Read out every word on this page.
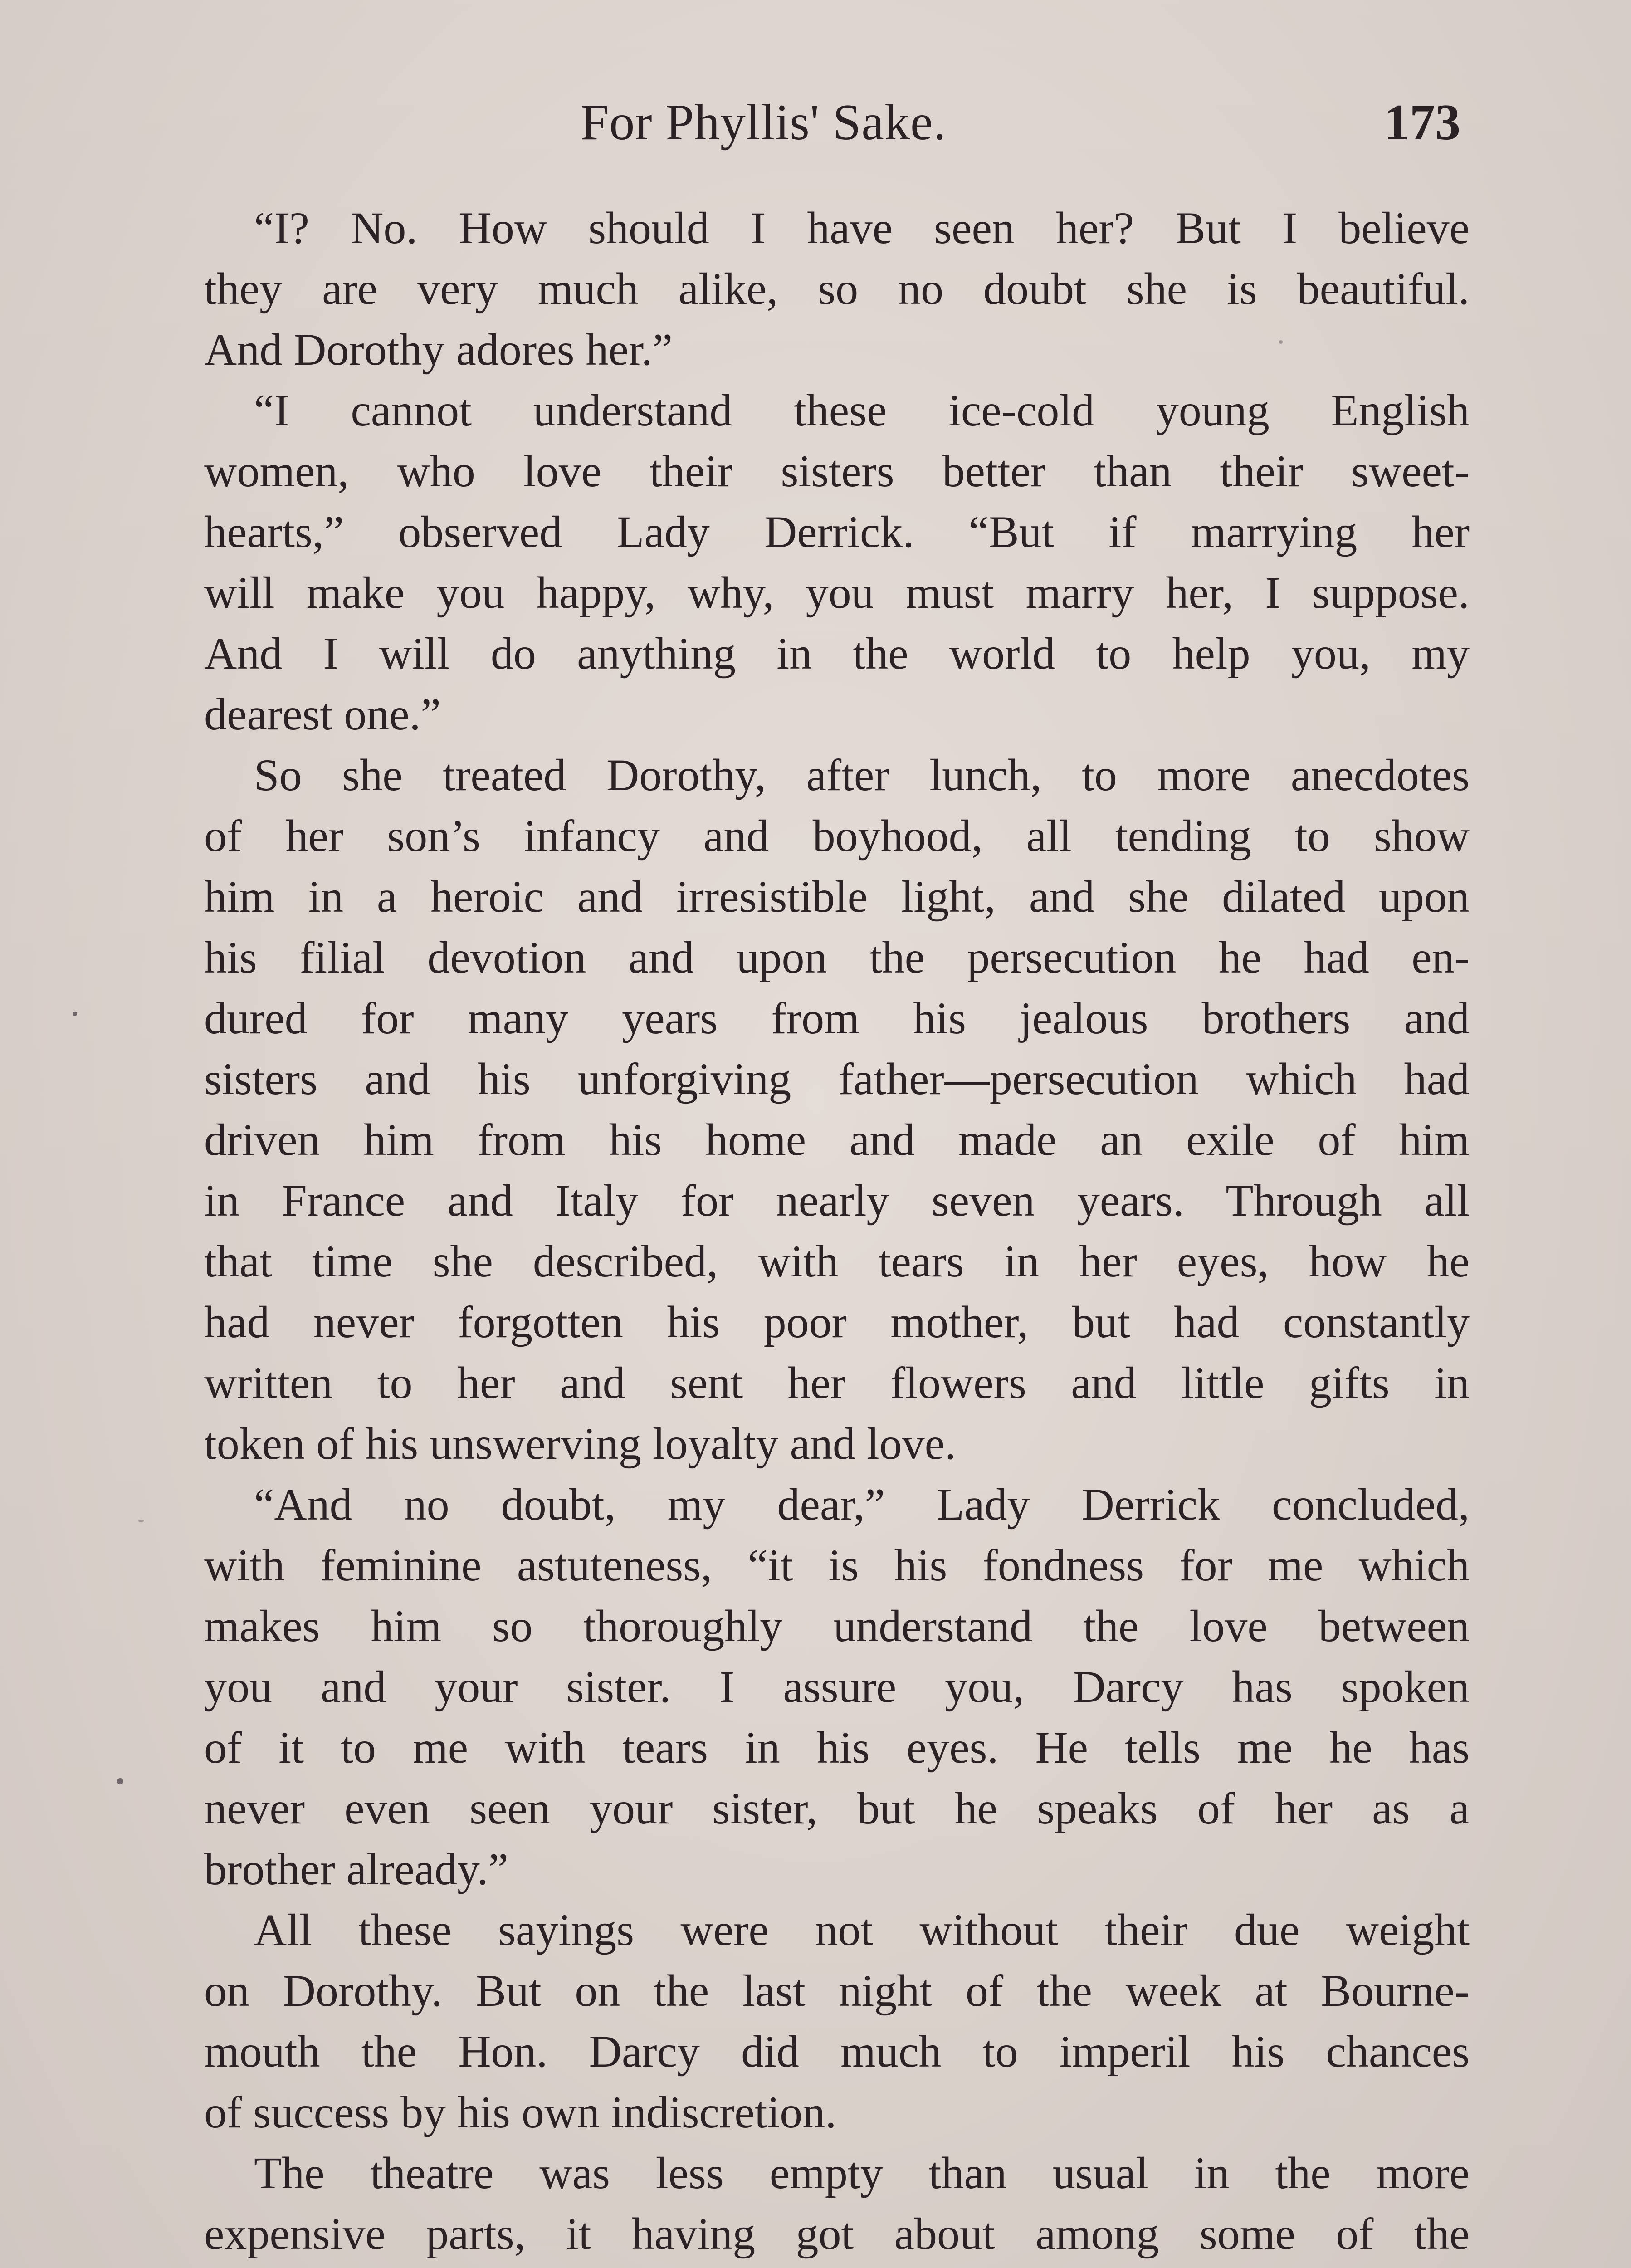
For Phyllis' Sake.	173
“I? No. How should I have seen her? But I believe
they are very much alike, so no doubt she is beautiful.
And Dorothy adores her.”
“I cannot understand these ice-cold young English
women, who love their sisters better than their sweet-
hearts,” observed Lady Derrick. “But if marrying her
will make you happy, why, you must marry her, I suppose.
And I will do anything in the world to help you, my
dearest one.”
So she treated Dorothy, after lunch, to more anecdotes
of her son’s infancy and boyhood, all tending to show
him in a heroic and irresistible light, and she dilated upon
his filial devotion and upon the persecution he had en-
dured for many years from his jealous brothers and
sisters and his unforgiving father—persecution which had
driven him from his home and made an exile of him
in France and Italy for nearly seven years. Through all
that time she described, with tears in her eyes, how he
had never forgotten his poor mother, but had constantly
written to her and sent her flowers and little gifts in
token of his unswerving loyalty and love.
“And no doubt, my dear,” Lady Derrick concluded,
with feminine astuteness, “it is his fondness for me which
makes him so thoroughly understand the love between
you and your sister. I assure you, Darcy has spoken
of it to me with tears in his eyes. He tells me he has
never even seen your sister, but he speaks of her as a
brother already.”
All these sayings were not without their due weight
on Dorothy. But on the last night of the week at Bourne-
mouth the Hon. Darcy did much to imperil his chances
of success by his own indiscretion.
The theatre was less empty than usual in the more
expensive parts, it having got about among some of the
